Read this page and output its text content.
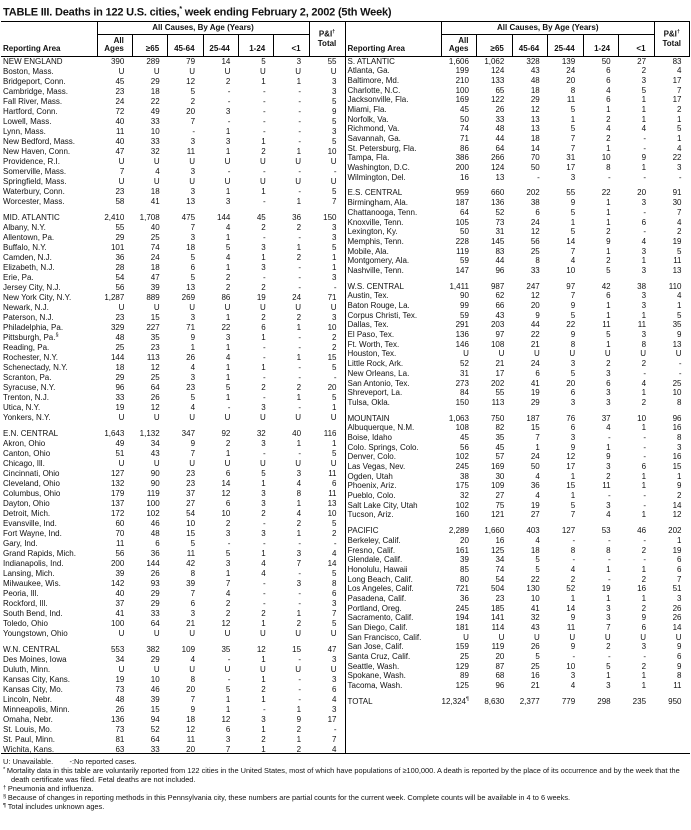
TABLE III. Deaths in 122 U.S. cities,* week ending February 2, 2002 (5th Week)
Reporting Area	All Causes, By Age (Years)						P&I†
Total
	All
Ages	≥65	45-64	25-44	1-24	<1	
NEW ENGLAND	390	289	79	14	5	3	55
Boston, Mass.	U	U	U	U	U	U	U
Bridgeport, Conn.	45	29	12	2	1	1	3
Cambridge, Mass.	23	18	5	-	-	-	3
Fall River, Mass.	24	22	2	-	-	-	5
Hartford, Conn.	72	49	20	3	-	-	9
Lowell, Mass.	40	33	7	-	-	-	5
Lynn, Mass.	11	10	-	1	-	-	3
New Bedford, Mass.	40	33	3	3	1	-	5
New Haven, Conn.	47	32	11	1	2	1	10
Providence, R.I.	U	U	U	U	U	U	U
Somerville, Mass.	7	4	3	-	-	-	-
Springfield, Mass.	U	U	U	U	U	U	U
Waterbury, Conn.	23	18	3	1	1	-	5
Worcester, Mass.	58	41	13	3	-	1	7

MID. ATLANTIC	2,410	1,708	475	144	45	36	150
Albany, N.Y.	55	40	7	4	2	2	3
Allentown, Pa.	29	25	3	1	-	-	3
Buffalo, N.Y.	101	74	18	5	3	1	5
Camden, N.J.	36	24	5	4	1	2	1
Elizabeth, N.J.	28	18	6	1	3	-	1
Erie, Pa.	54	47	5	2	-	-	3
Jersey City, N.J.	56	39	13	2	2	-	-
New York City, N.Y.	1,287	889	269	86	19	24	71
Newark, N.J.	U	U	U	U	U	U	U
Paterson, N.J.	23	15	3	1	2	2	3
Philadelphia, Pa.	329	227	71	22	6	1	10
Pittsburgh, Pa.§	48	35	9	3	1	-	2
Reading, Pa.	25	23	1	1	-	-	2
Rochester, N.Y.	144	113	26	4	-	1	15
Schenectady, N.Y.	18	12	4	1	1	-	5
Scranton, Pa.	29	25	3	1	-	-	-
Syracuse, N.Y.	96	64	23	5	2	2	20
Trenton, N.J.	33	26	5	1	-	1	5
Utica, N.Y.	19	12	4	-	3	-	1
Yonkers, N.Y.	U	U	U	U	U	U	U

E.N. CENTRAL	1,643	1,132	347	92	32	40	116
Akron, Ohio	49	34	9	2	3	1	1
Canton, Ohio	51	43	7	1	-	-	5
Chicago, Ill.	U	U	U	U	U	U	U
Cincinnati, Ohio	127	90	23	6	5	3	11
Cleveland, Ohio	132	90	23	14	1	4	6
Columbus, Ohio	179	119	37	12	3	8	11
Dayton, Ohio	137	100	27	6	3	1	13
Detroit, Mich.	172	102	54	10	2	4	10
Evansville, Ind.	60	46	10	2	-	2	5
Fort Wayne, Ind.	70	48	15	3	3	1	2
Gary, Ind.	11	6	5	-	-	-	-
Grand Rapids, Mich.	56	36	11	5	1	3	4
Indianapolis, Ind.	200	144	42	3	4	7	14
Lansing, Mich.	39	26	8	1	4	-	5
Milwaukee, Wis.	142	93	39	7	-	3	8
Peoria, Ill.	40	29	7	4	-	-	6
Rockford, Ill.	37	29	6	2	-	-	3
South Bend, Ind.	41	33	3	2	2	1	7
Toledo, Ohio	100	64	21	12	1	2	5
Youngstown, Ohio	U	U	U	U	U	U	U

W.N. CENTRAL	553	382	109	35	12	15	47
Des Moines, Iowa	34	29	4	-	1	-	3
Duluth, Minn.	U	U	U	U	U	U	U
Kansas City, Kans.	19	10	8	-	1	-	3
Kansas City, Mo.	73	46	20	5	2	-	6
Lincoln, Nebr.	48	39	7	1	1	-	4
Minneapolis, Minn.	26	15	9	1	-	1	3
Omaha, Nebr.	136	94	18	12	3	9	17
St. Louis, Mo.	73	52	12	6	1	2	-
St. Paul, Minn.	81	64	11	3	2	1	7
Wichita, Kans.	63	33	20	7	1	2	4
Reporting Area	All Causes, By Age (Years)						P&I†
Total
	All
Ages	≥65	45-64	25-44	1-24	<1	
S. ATLANTIC	1,606	1,062	328	139	50	27	83
Atlanta, Ga.	199	124	43	24	6	2	4
Baltimore, Md.	210	133	48	20	6	3	17
Charlotte, N.C.	100	65	18	8	4	5	7
Jacksonville, Fla.	169	122	29	11	6	1	17
Miami, Fla.	45	26	12	5	1	1	2
Norfolk, Va.	50	33	13	1	2	1	1
Richmond, Va.	74	48	13	5	4	4	5
Savannah, Ga.	71	44	18	7	2	-	1
St. Petersburg, Fla.	86	64	14	7	1	-	4
Tampa, Fla.	386	266	70	31	10	9	22
Washington, D.C.	200	124	50	17	8	1	3
Wilmington, Del.	16	13	-	3	-	-	-

E.S. CENTRAL	959	660	202	55	22	20	91
Birmingham, Ala.	187	136	38	9	1	3	30
Chattanooga, Tenn.	64	52	6	5	1	-	7
Knoxville, Tenn.	105	73	24	1	1	6	4
Lexington, Ky.	50	31	12	5	2	-	2
Memphis, Tenn.	228	145	56	14	9	4	19
Mobile, Ala.	119	83	25	7	1	3	5
Montgomery, Ala.	59	44	8	4	2	1	11
Nashville, Tenn.	147	96	33	10	5	3	13

W.S. CENTRAL	1,411	987	247	97	42	38	110
Austin, Tex.	90	62	12	7	6	3	4
Baton Rouge, La.	99	66	20	9	1	3	1
Corpus Christi, Tex.	59	43	9	5	1	1	5
Dallas, Tex.	291	203	44	22	11	11	35
El Paso, Tex.	136	97	22	9	5	3	9
Ft. Worth, Tex.	146	108	21	8	1	8	13
Houston, Tex.	U	U	U	U	U	U	U
Little Rock, Ark.	52	21	24	3	2	2	-
New Orleans, La.	31	17	6	5	3	-	-
San Antonio, Tex.	273	202	41	20	6	4	25
Shreveport, La.	84	55	19	6	3	1	10
Tulsa, Okla.	150	113	29	3	3	2	8

MOUNTAIN	1,063	750	187	76	37	10	96
Albuquerque, N.M.	108	82	15	6	4	1	16
Boise, Idaho	45	35	7	3	-	-	8
Colo. Springs, Colo.	56	45	1	9	1	-	3
Denver, Colo.	102	57	24	12	9	-	16
Las Vegas, Nev.	245	169	50	17	3	6	15
Ogden, Utah	38	30	4	1	2	1	1
Phoenix, Ariz.	175	109	36	15	11	1	9
Pueblo, Colo.	32	27	4	1	-	-	2
Salt Lake City, Utah	102	75	19	5	3	-	14
Tucson, Ariz.	160	121	27	7	4	1	12

PACIFIC	2,289	1,660	403	127	53	46	202
Berkeley, Calif.	20	16	4	-	-	-	1
Fresno, Calif.	161	125	18	8	8	2	19
Glendale, Calif.	39	34	5	-	-	-	6
Honolulu, Hawaii	85	74	5	4	1	1	6
Long Beach, Calif.	80	54	22	2	-	2	7
Los Angeles, Calif.	721	504	130	52	19	16	51
Pasadena, Calif.	36	23	10	1	1	1	3
Portland, Oreg.	245	185	41	14	3	2	26
Sacramento, Calif.	194	141	32	9	3	9	26
San Diego, Calif.	181	114	43	11	7	6	14
San Francisco, Calif.	U	U	U	U	U	U	U
San Jose, Calif.	159	119	26	9	2	3	9
Santa Cruz, Calif.	25	20	5	-	-	-	6
Seattle, Wash.	129	87	25	10	5	2	9
Spokane, Wash.	89	68	16	3	1	1	8
Tacoma, Wash.	125	96	21	4	3	1	11

TOTAL	12,324¶	8,630	2,377	779	298	235	950
U: Unavailable.        -:No reported cases.
* Mortality data in this table are voluntarily reported from 122 cities in the United States, most of which have populations of ≥100,000. A death is reported by the place of its occurrence and by the week that the death certificate was filed. Fetal deaths are not included.
† Pneumonia and influenza.
§ Because of changes in reporting methods in this Pennsylvania city, these numbers are partial counts for the current week. Complete counts will be available in 4 to 6 weeks.
¶ Total includes unknown ages.
